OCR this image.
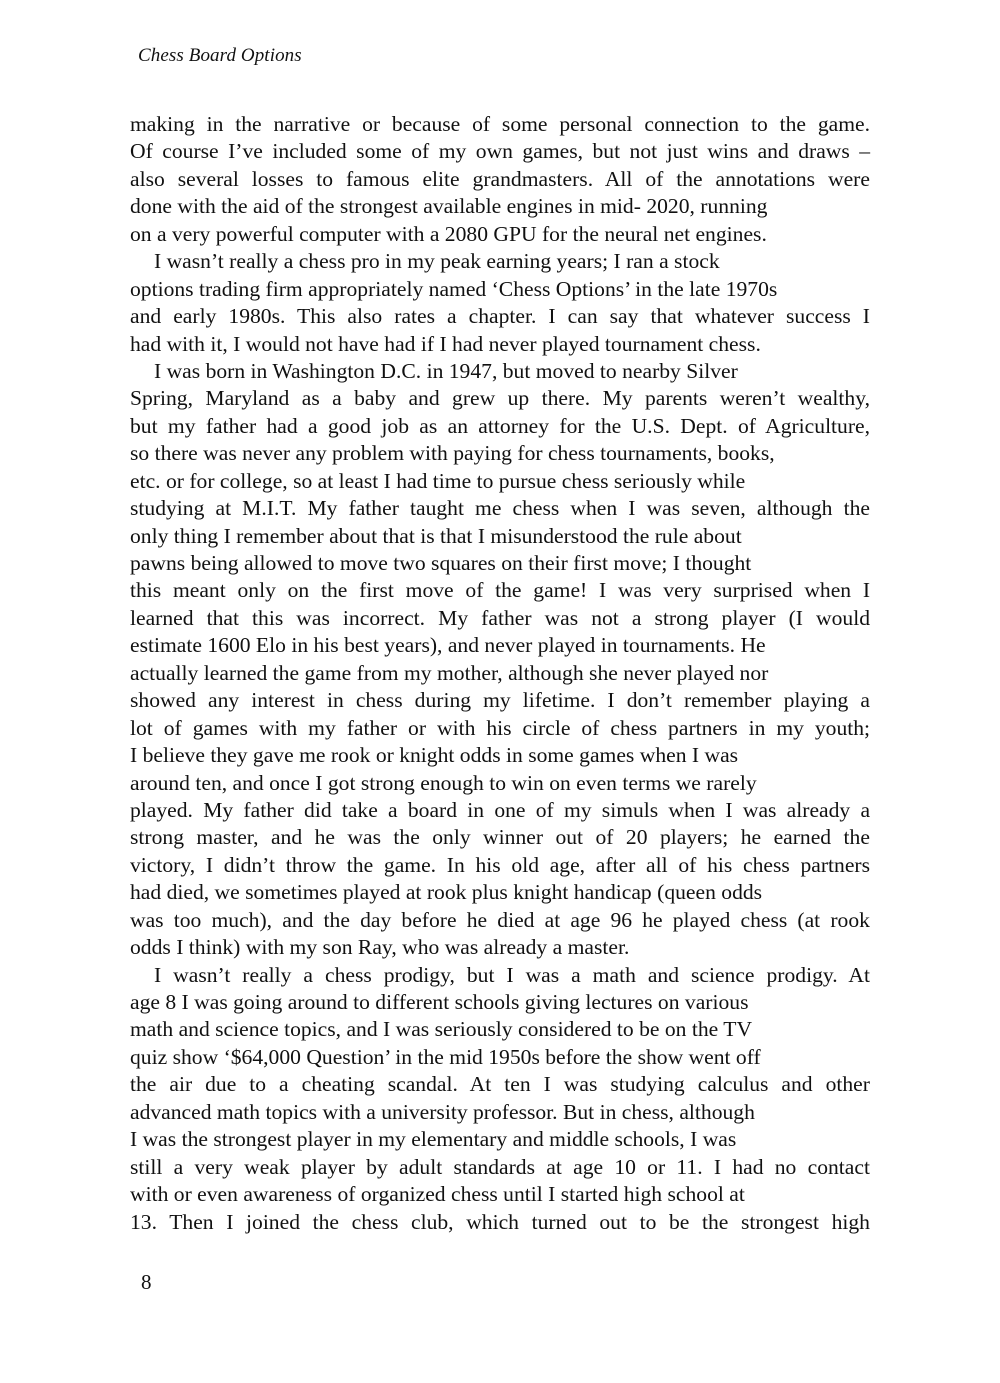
Chess Board Options
making in the narrative or because of some personal connection to the game.
Of course I’ve included some of my own games, but not just wins and draws –
also several losses to famous elite grandmasters. All of the annotations were
done with the aid of the strongest available engines in mid- 2020, running
on a very powerful computer with a 2080 GPU for the neural net engines.
I wasn’t really a chess pro in my peak earning years; I ran a stock
options trading firm appropriately named ‘Chess Options’ in the late 1970s
and early 1980s. This also rates a chapter. I can say that whatever success I
had with it, I would not have had if I had never played tournament chess.
I was born in Washington D.C. in 1947, but moved to nearby Silver
Spring, Maryland as a baby and grew up there. My parents weren’t wealthy,
but my father had a good job as an attorney for the U.S. Dept. of Agriculture,
so there was never any problem with paying for chess tournaments, books,
etc. or for college, so at least I had time to pursue chess seriously while
studying at M.I.T. My father taught me chess when I was seven, although the
only thing I remember about that is that I misunderstood the rule about
pawns being allowed to move two squares on their first move; I thought
this meant only on the first move of the game! I was very surprised when I
learned that this was incorrect. My father was not a strong player (I would
estimate 1600 Elo in his best years), and never played in tournaments. He
actually learned the game from my mother, although she never played nor
showed any interest in chess during my lifetime. I don’t remember playing a
lot of games with my father or with his circle of chess partners in my youth;
I believe they gave me rook or knight odds in some games when I was
around ten, and once I got strong enough to win on even terms we rarely
played. My father did take a board in one of my simuls when I was already a
strong master, and he was the only winner out of 20 players; he earned the
victory, I didn’t throw the game. In his old age, after all of his chess partners
had died, we sometimes played at rook plus knight handicap (queen odds
was too much), and the day before he died at age 96 he played chess (at rook
odds I think) with my son Ray, who was already a master.
I wasn’t really a chess prodigy, but I was a math and science prodigy. At
age 8 I was going around to different schools giving lectures on various
math and science topics, and I was seriously considered to be on the TV
quiz show ‘$64,000 Question’ in the mid 1950s before the show went off
the air due to a cheating scandal. At ten I was studying calculus and other
advanced math topics with a university professor. But in chess, although
I was the strongest player in my elementary and middle schools, I was
still a very weak player by adult standards at age 10 or 11. I had no contact
with or even awareness of organized chess until I started high school at
13. Then I joined the chess club, which turned out to be the strongest high
8
